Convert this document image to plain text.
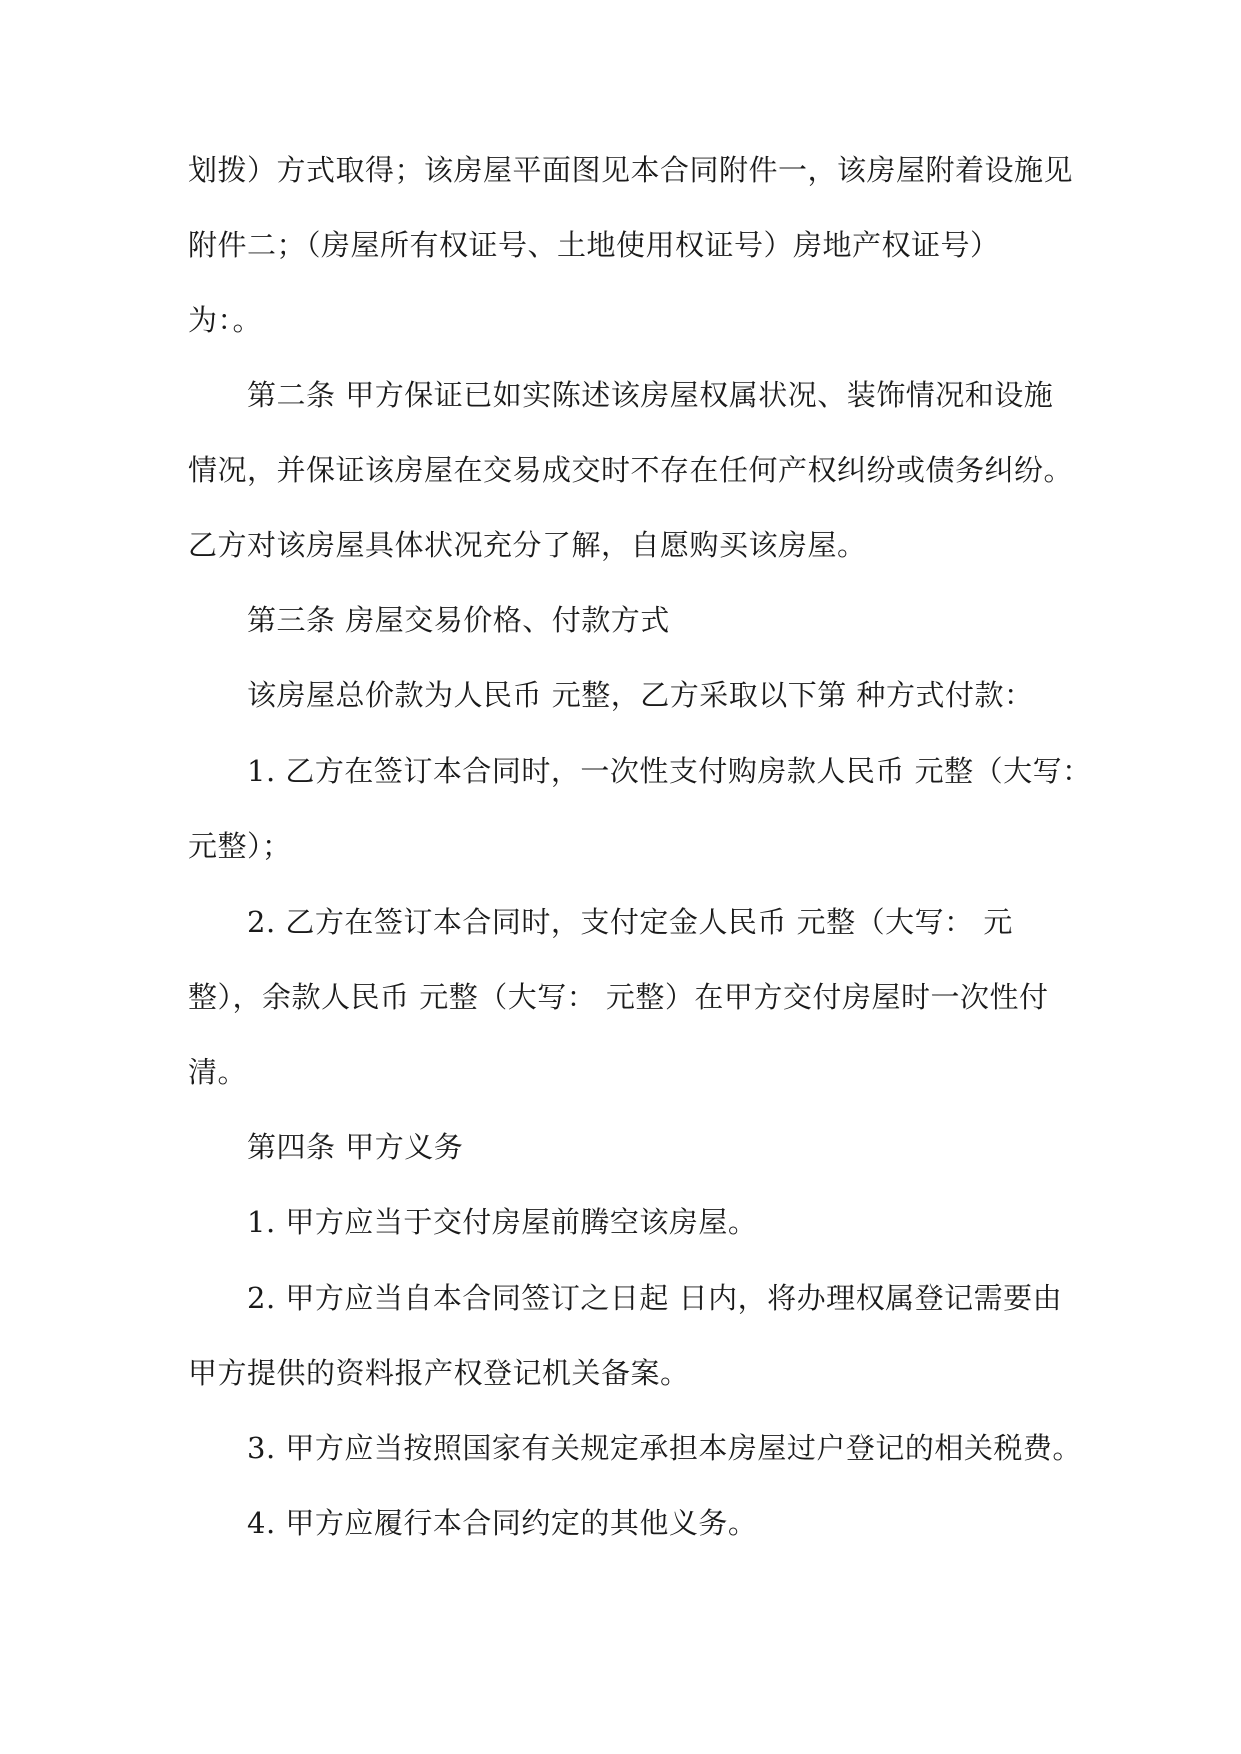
划拨）方式取得；该房屋平面图见本合同附件一，该房屋附着设施见
附件二；（房屋所有权证号、土地使用权证号）房地产权证号）
为：。
第二条 甲方保证已如实陈述该房屋权属状况、装饰情况和设施
情况，并保证该房屋在交易成交时不存在任何产权纠纷或债务纠纷。
乙方对该房屋具体状况充分了解，自愿购买该房屋。
第三条 房屋交易价格、付款方式
该房屋总价款为人民币 元整，乙方采取以下第 种方式付款：
1. 乙方在签订本合同时，一次性支付购房款人民币 元整（大写：
元整）；
2. 乙方在签订本合同时，支付定金人民币 元整（大写： 元
整），余款人民币 元整（大写： 元整）在甲方交付房屋时一次性付
清。
第四条 甲方义务
1. 甲方应当于交付房屋前腾空该房屋。
2. 甲方应当自本合同签订之日起 日内，将办理权属登记需要由
甲方提供的资料报产权登记机关备案。
3. 甲方应当按照国家有关规定承担本房屋过户登记的相关税费。
4. 甲方应履行本合同约定的其他义务。
